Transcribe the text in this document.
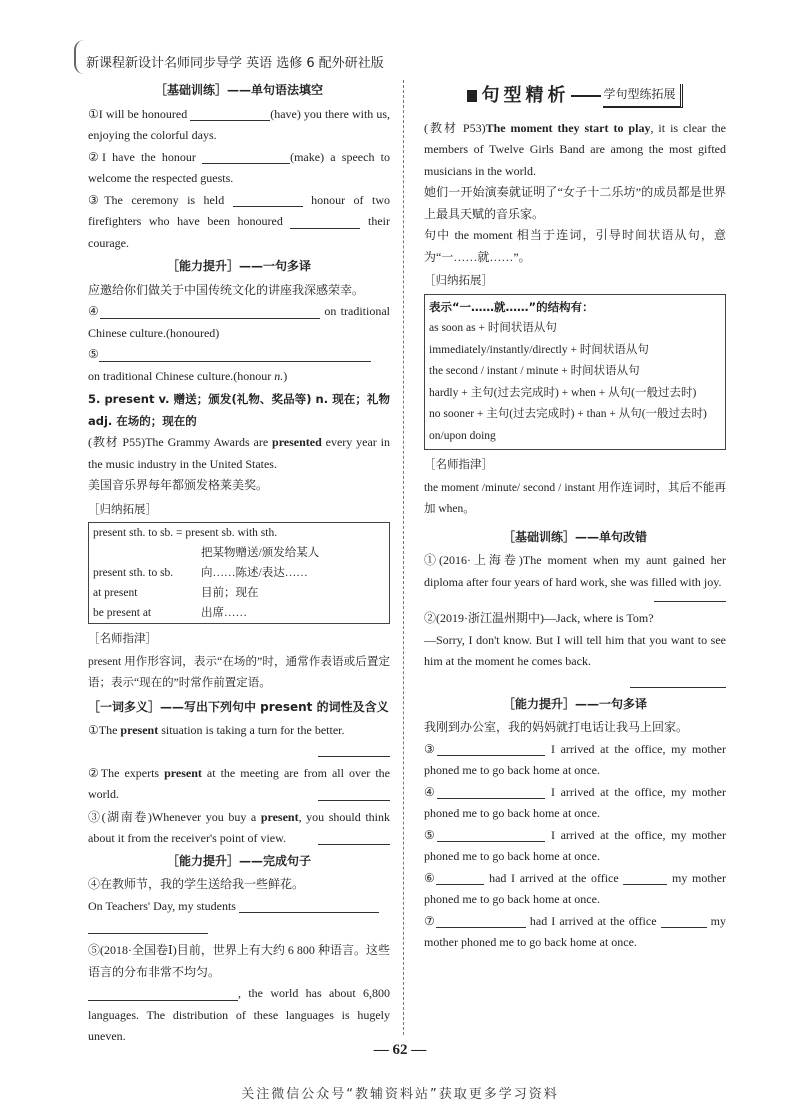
新课程新设计名师同步导学 英语 选修 6 配外研社版
［基础训练］——单句语法填空

①I will be honoured	(have) you there with us, enjoying the colorful days.

②I have the honour	(make) a speech to welcome the respected guests.

③The ceremony is held	honour of two firefighters who have been honoured	their courage.

［能力提升］——一句多译

应邀给你们做关于中国传统文化的讲座我深感荣幸。

④	on traditional Chinese culture.(honoured)

⑤
on traditional Chinese culture.(honour n.)

5. present v. 赠送；颁发(礼物、奖品等) n. 现在；礼物 adj. 在场的；现在的

(教材 P55)The Grammy Awards are presented every year in the music industry in the United States.

美国音乐界每年都颁发格莱美奖。

［归纳拓展］
present sth. to sb. = present sb. with sth.	
	把某物赠送/颁发给某人
present sth. to sb.	向……陈述/表达……
at present	目前；现在
be present at	出席……
［名师指津］

present 用作形容词，表示“在场的”时，通常作表语或后置定语；表示“现在的”时常作前置定语。

［一词多义］——写出下列句中 present 的词性及含义

①The present situation is taking a turn for the better.

②The experts present at the meeting are from all over the world.

③(湖南卷)Whenever you buy a present, you should think about it from the receiver's point of view.

［能力提升］——完成句子

④在教师节，我的学生送给我一些鲜花。

On Teachers' Day, my students

⑤(2018·全国卷Ⅰ)目前，世界上有大约 6 800 种语言。这些语言的分布非常不均匀。

, the world has about 6,800 languages. The distribution of these languages is hugely uneven.

句型精析	学句型练拓展

(教材 P53)The moment they start to play, it is clear the members of Twelve Girls Band are among the most gifted musicians in the world.

她们一开始演奏就证明了“女子十二乐坊”的成员都是世界上最具天赋的音乐家。

句中 the moment 相当于连词，引导时间状语从句，意为“一……就……”。

［归纳拓展］
表示“一……就……”的结构有：
as soon as + 时间状语从句
immediately/instantly/directly + 时间状语从句
the second / instant / minute + 时间状语从句
hardly + 主句(过去完成时) + when + 从句(一般过去时)
no sooner + 主句(过去完成时) + than + 从句(一般过去时)
on/upon doing
［名师指津］

the moment /minute/ second / instant 用作连词时，其后不能再加 when。

［基础训练］——单句改错

①(2016·上海卷)The moment when my aunt gained her diploma after four years of hard work, she was filled with joy.

②(2019·浙江温州期中)—Jack, where is Tom?

—Sorry, I don't know. But I will tell him that you want to see him at the moment he comes back.

［能力提升］——一句多译

我刚到办公室，我的妈妈就打电话让我马上回家。

③	I arrived at the office, my mother phoned me to go back home at once.

④	I arrived at the office, my mother phoned me to go back home at once.

⑤	I arrived at the office, my mother phoned me to go back home at once.

⑥	had I arrived at the office	my mother phoned me to go back home at once.

⑦	had I arrived at the office	my mother phoned me to go back home at once.

— 62 —
关注微信公众号“教辅资料站”获取更多学习资料
